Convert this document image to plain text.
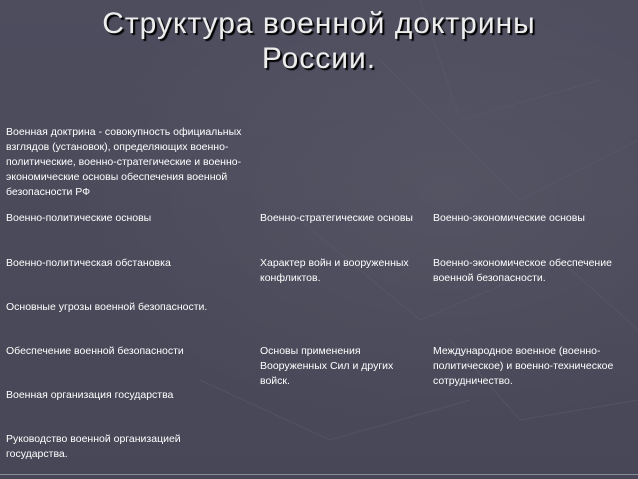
Структура военной доктрины
России.
Военная доктрина - совокупность официальных взглядов (установок), определяющих военно-политические, военно-стратегические и военно-экономические основы обеспечения военной безопасности РФ
Военно-политические основы	Военно-стратегические основы	Военно-экономические основы
Военно-политическая обстановка
Основные угрозы военной безопасности.
Обеспечение военной безопасности
Военная организация государства
Руководство военной организацией государства.
Характер войн и вооруженных конфликтов.
Основы применения Вооруженных Сил и других войск.
Военно-экономическое обеспечение военной безопасности.
Международное военное (военно-политическое) и военно-техническое сотрудничество.
